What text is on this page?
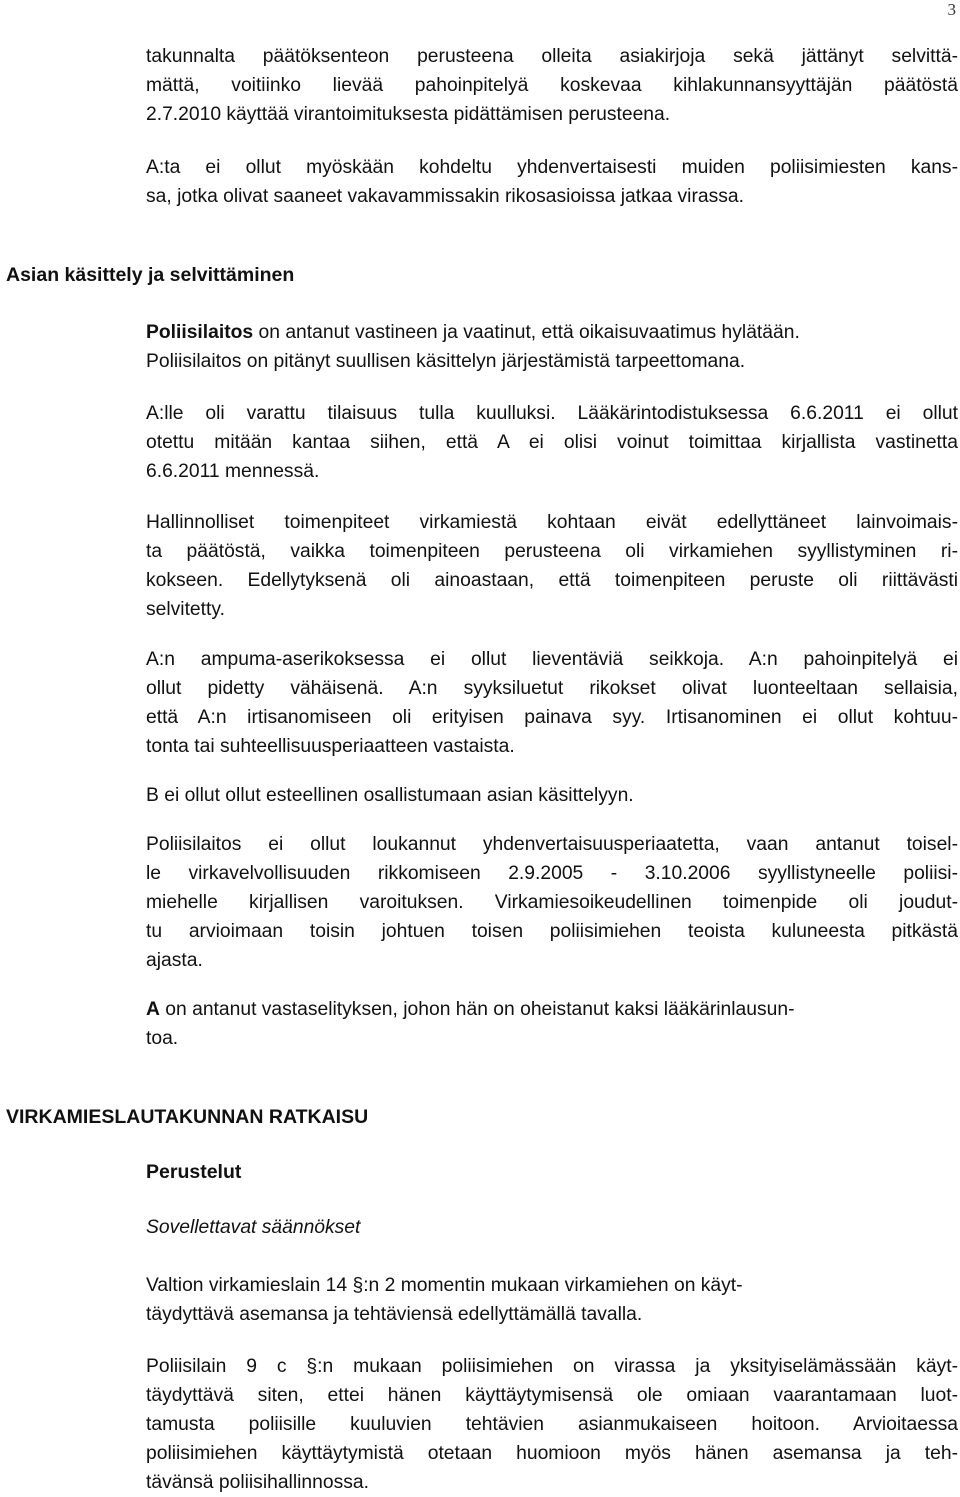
3
takunnalta päätöksenteon perusteena olleita asiakirjoja sekä jättänyt selvittä-
mättä, voitiinko lievää pahoinpitelyä koskevaa kihlakunnansyyttäjän päätöstä
2.7.2010 käyttää virantoimituksesta pidättämisen perusteena.
A:ta ei ollut myöskään kohdeltu yhdenvertaisesti muiden poliisimiesten kans-
sa, jotka olivat saaneet vakavammissakin rikosasioissa jatkaa virassa.
Asian käsittely ja selvittäminen
Poliisilaitos on antanut vastineen ja vaatinut, että oikaisuvaatimus hylätään.
Poliisilaitos on pitänyt suullisen käsittelyn järjestämistä tarpeettomana.
A:lle oli varattu tilaisuus tulla kuulluksi. Lääkärintodistuksessa 6.6.2011 ei ollut
otettu mitään kantaa siihen, että A ei olisi voinut toimittaa kirjallista vastinetta
6.6.2011 mennessä.
Hallinnolliset toimenpiteet virkamiestä kohtaan eivät edellyttäneet lainvoimais-
ta päätöstä, vaikka toimenpiteen perusteena oli virkamiehen syyllistyminen ri-
kokseen. Edellytyksenä oli ainoastaan, että toimenpiteen peruste oli riittävästi
selvitetty.
A:n ampuma-aserikoksessa ei ollut lieventäviä seikkoja. A:n pahoinpitelyä ei
ollut pidetty vähäisenä. A:n syyksiluetut rikokset olivat luonteeltaan sellaisia,
että A:n irtisanomiseen oli erityisen painava syy. Irtisanominen ei ollut kohtuu-
tonta tai suhteellisuusperiaatteen vastaista.
B ei ollut ollut esteellinen osallistumaan asian käsittelyyn.
Poliisilaitos ei ollut loukannut yhdenvertaisuusperiaatetta, vaan antanut toisel-
le virkavelvollisuuden rikkomiseen 2.9.2005 - 3.10.2006 syyllistyneelle poliisi-
miehelle kirjallisen varoituksen. Virkamiesoikeudellinen toimenpide oli joudut-
tu arvioimaan toisin johtuen toisen poliisimiehen teoista kuluneesta pitkästä
ajasta.
A on antanut vastaselityksen, johon hän on oheistanut kaksi lääkärinlausun-
toa.
VIRKAMIESLAUTAKUNNAN RATKAISU
Perustelut
Sovellettavat säännökset
Valtion virkamieslain 14 §:n 2 momentin mukaan virkamiehen on käyt-
täydyttävä asemansa ja tehtäviensä edellyttämällä tavalla.
Poliisilain 9 c §:n mukaan poliisimiehen on virassa ja yksityiselämässään käyt-
täydyttävä siten, ettei hänen käyttäytymisensä ole omiaan vaarantamaan luot-
tamusta poliisille kuuluvien tehtävien asianmukaiseen hoitoon. Arvioitaessa
poliisimiehen käyttäytymistä otetaan huomioon myös hänen asemansa ja teh-
tävänsä poliisihallinnossa.
